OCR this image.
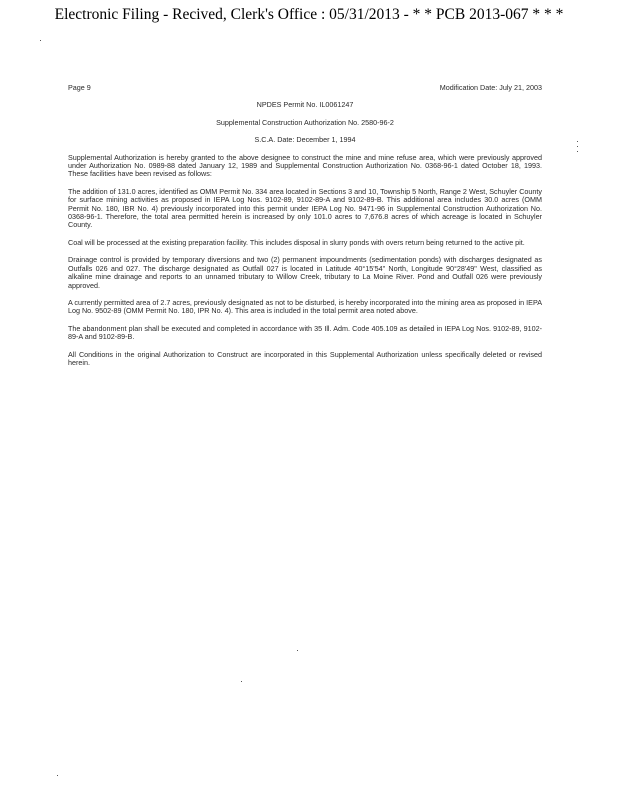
Electronic Filing - Recived, Clerk's Office : 05/31/2013 - * * PCB 2013-067 * * *
Page 9	Modification Date: July 21, 2003
NPDES Permit No. IL0061247
Supplemental Construction Authorization No. 2580-96-2
S.C.A. Date: December 1, 1994

Supplemental Authorization is hereby granted to the above designee to construct the mine and mine refuse area, which were previously approved under Authorization No. 0989-88 dated January 12, 1989 and Supplemental Construction Authorization No. 0368-96-1 dated October 18, 1993. These facilities have been revised as follows:

The addition of 131.0 acres, identified as OMM Permit No. 334 area located in Sections 3 and 10, Township 5 North, Range 2 West, Schuyler County for surface mining activities as proposed in IEPA Log Nos. 9102-89, 9102-89-A and 9102-89-B. This additional area includes 30.0 acres (OMM Permit No. 180, IBR No. 4) previously incorporated into this permit under IEPA Log No. 9471-96 in Supplemental Construction Authorization No. 0368-96-1. Therefore, the total area permitted herein is increased by only 101.0 acres to 7,676.8 acres of which acreage is located in Schuyler County.

Coal will be processed at the existing preparation facility. This includes disposal in slurry ponds with overs return being returned to the active pit.

Drainage control is provided by temporary diversions and two (2) permanent impoundments (sedimentation ponds) with discharges designated as Outfalls 026 and 027. The discharge designated as Outfall 027 is located in Latitude 40°15'54" North, Longitude 90°28'49" West, classified as alkaline mine drainage and reports to an unnamed tributary to Willow Creek, tributary to La Moine River. Pond and Outfall 026 were previously approved.

A currently permitted area of 2.7 acres, previously designated as not to be disturbed, is hereby incorporated into the mining area as proposed in IEPA Log No. 9502-89 (OMM Permit No. 180, IPR No. 4). This area is included in the total permit area noted above.

The abandonment plan shall be executed and completed in accordance with 35 Ill. Adm. Code 405.109 as detailed in IEPA Log Nos. 9102-89, 9102-89-A and 9102-89-B.

All Conditions in the original Authorization to Construct are incorporated in this Supplemental Authorization unless specifically deleted or revised herein.
